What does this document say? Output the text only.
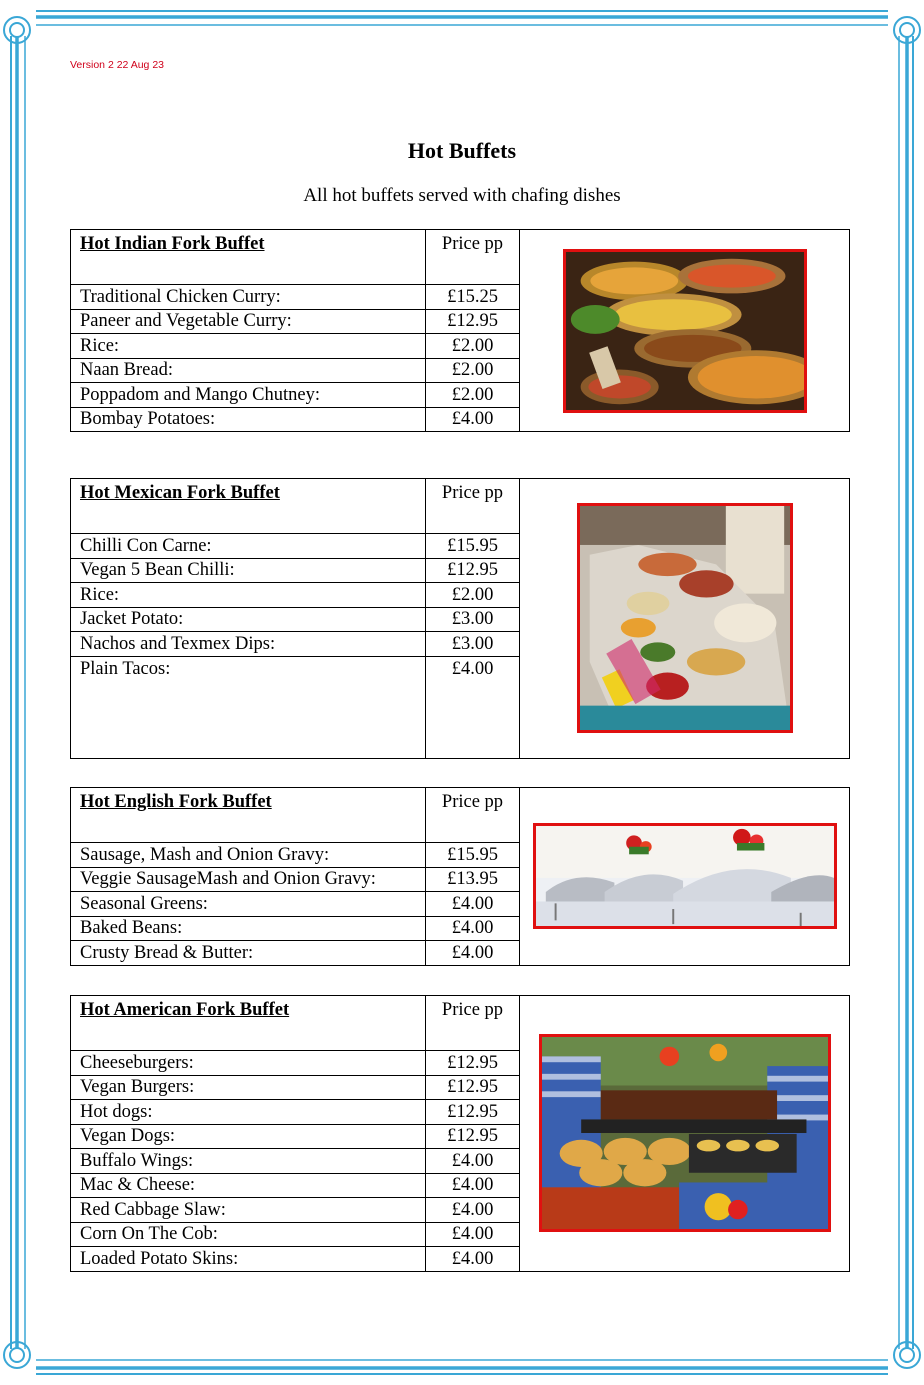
Version 2 22 Aug 23
Hot Buffets
All hot buffets served with chafing dishes
Hot Indian Fork Buffet	Price pp	

Traditional Chicken Curry:	£15.25	
Paneer and Vegetable Curry:	£12.95	
Rice:	£2.00	
Naan Bread:	£2.00	
Poppadom and Mango Chutney:	£2.00	
Bombay Potatoes:	£4.00	
Hot Mexican Fork Buffet	Price pp	

Chilli Con Carne:	£15.95	
Vegan 5 Bean Chilli:	£12.95	
Rice:	£2.00	
Jacket Potato:	£3.00	
Nachos and Texmex Dips:	£3.00	
Plain Tacos:	£4.00	
Hot English Fork Buffet	Price pp	

Sausage, Mash and Onion Gravy:	£15.95	
Veggie SausageMash and Onion Gravy:	£13.95	
Seasonal Greens:	£4.00	
Baked Beans:	£4.00	
Crusty Bread & Butter:	£4.00	
Hot American Fork Buffet	Price pp	

Cheeseburgers:	£12.95	
Vegan Burgers:	£12.95	
Hot dogs:	£12.95	
Vegan Dogs:	£12.95	
Buffalo Wings:	£4.00	
Mac & Cheese:	£4.00	
Red Cabbage Slaw:	£4.00	
Corn On The Cob:	£4.00	
Loaded Potato Skins:	£4.00	
